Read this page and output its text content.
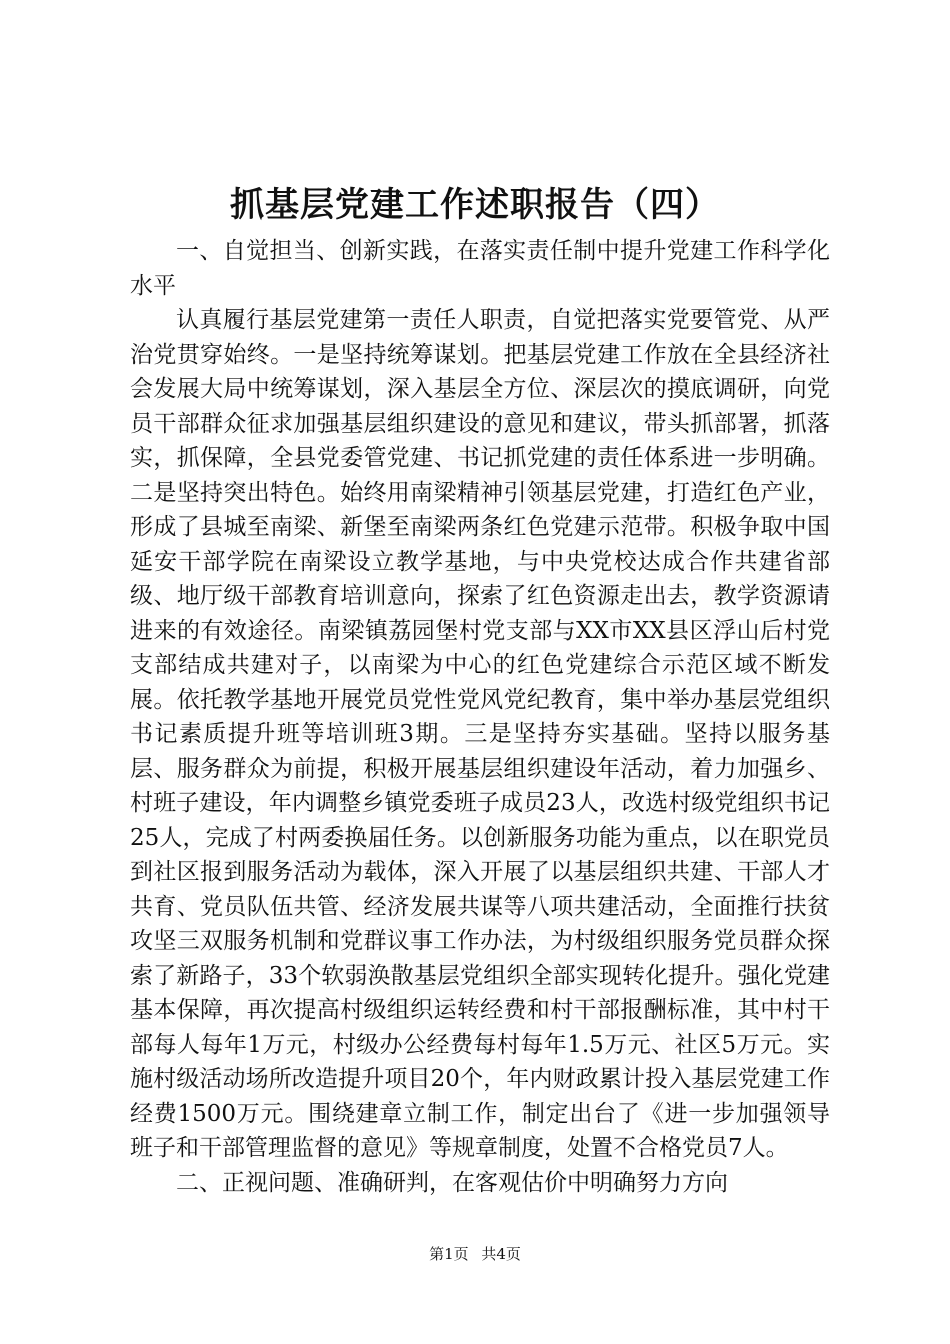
抓基层党建工作述职报告（四）

一、自觉担当、创新实践，在落实责任制中提升党建工作科学化水平

认真履行基层党建第一责任人职责，自觉把落实党要管党、从严治党贯穿始终。一是坚持统筹谋划。把基层党建工作放在全县经济社会发展大局中统筹谋划，深入基层全方位、深层次的摸底调研，向党员干部群众征求加强基层组织建设的意见和建议，带头抓部署，抓落实，抓保障，全县党委管党建、书记抓党建的责任体系进一步明确。二是坚持突出特色。始终用南梁精神引领基层党建，打造红色产业，形成了县城至南梁、新堡至南梁两条红色党建示范带。积极争取中国延安干部学院在南梁设立教学基地，与中央党校达成合作共建省部级、地厅级干部教育培训意向，探索了红色资源走出去，教学资源请进来的有效途径。南梁镇荔园堡村党支部与XX市XX县区浮山后村党支部结成共建对子，以南梁为中心的红色党建综合示范区域不断发展。依托教学基地开展党员党性党风党纪教育，集中举办基层党组织书记素质提升班等培训班3期。三是坚持夯实基础。坚持以服务基层、服务群众为前提，积极开展基层组织建设年活动，着力加强乡、村班子建设，年内调整乡镇党委班子成员23人，改选村级党组织书记25人，完成了村两委换届任务。以创新服务功能为重点，以在职党员到社区报到服务活动为载体，深入开展了以基层组织共建、干部人才共育、党员队伍共管、经济发展共谋等八项共建活动，全面推行扶贫攻坚三双服务机制和党群议事工作办法，为村级组织服务党员群众探索了新路子，33个软弱涣散基层党组织全部实现转化提升。强化党建基本保障，再次提高村级组织运转经费和村干部报酬标准，其中村干部每人每年1万元，村级办公经费每村每年1.5万元、社区5万元。实施村级活动场所改造提升项目20个，年内财政累计投入基层党建工作经费1500万元。围绕建章立制工作，制定出台了《进一步加强领导班子和干部管理监督的意见》等规章制度，处置不合格党员7人。

二、正视问题、准确研判，在客观估价中明确努力方向

第1页 共4页
